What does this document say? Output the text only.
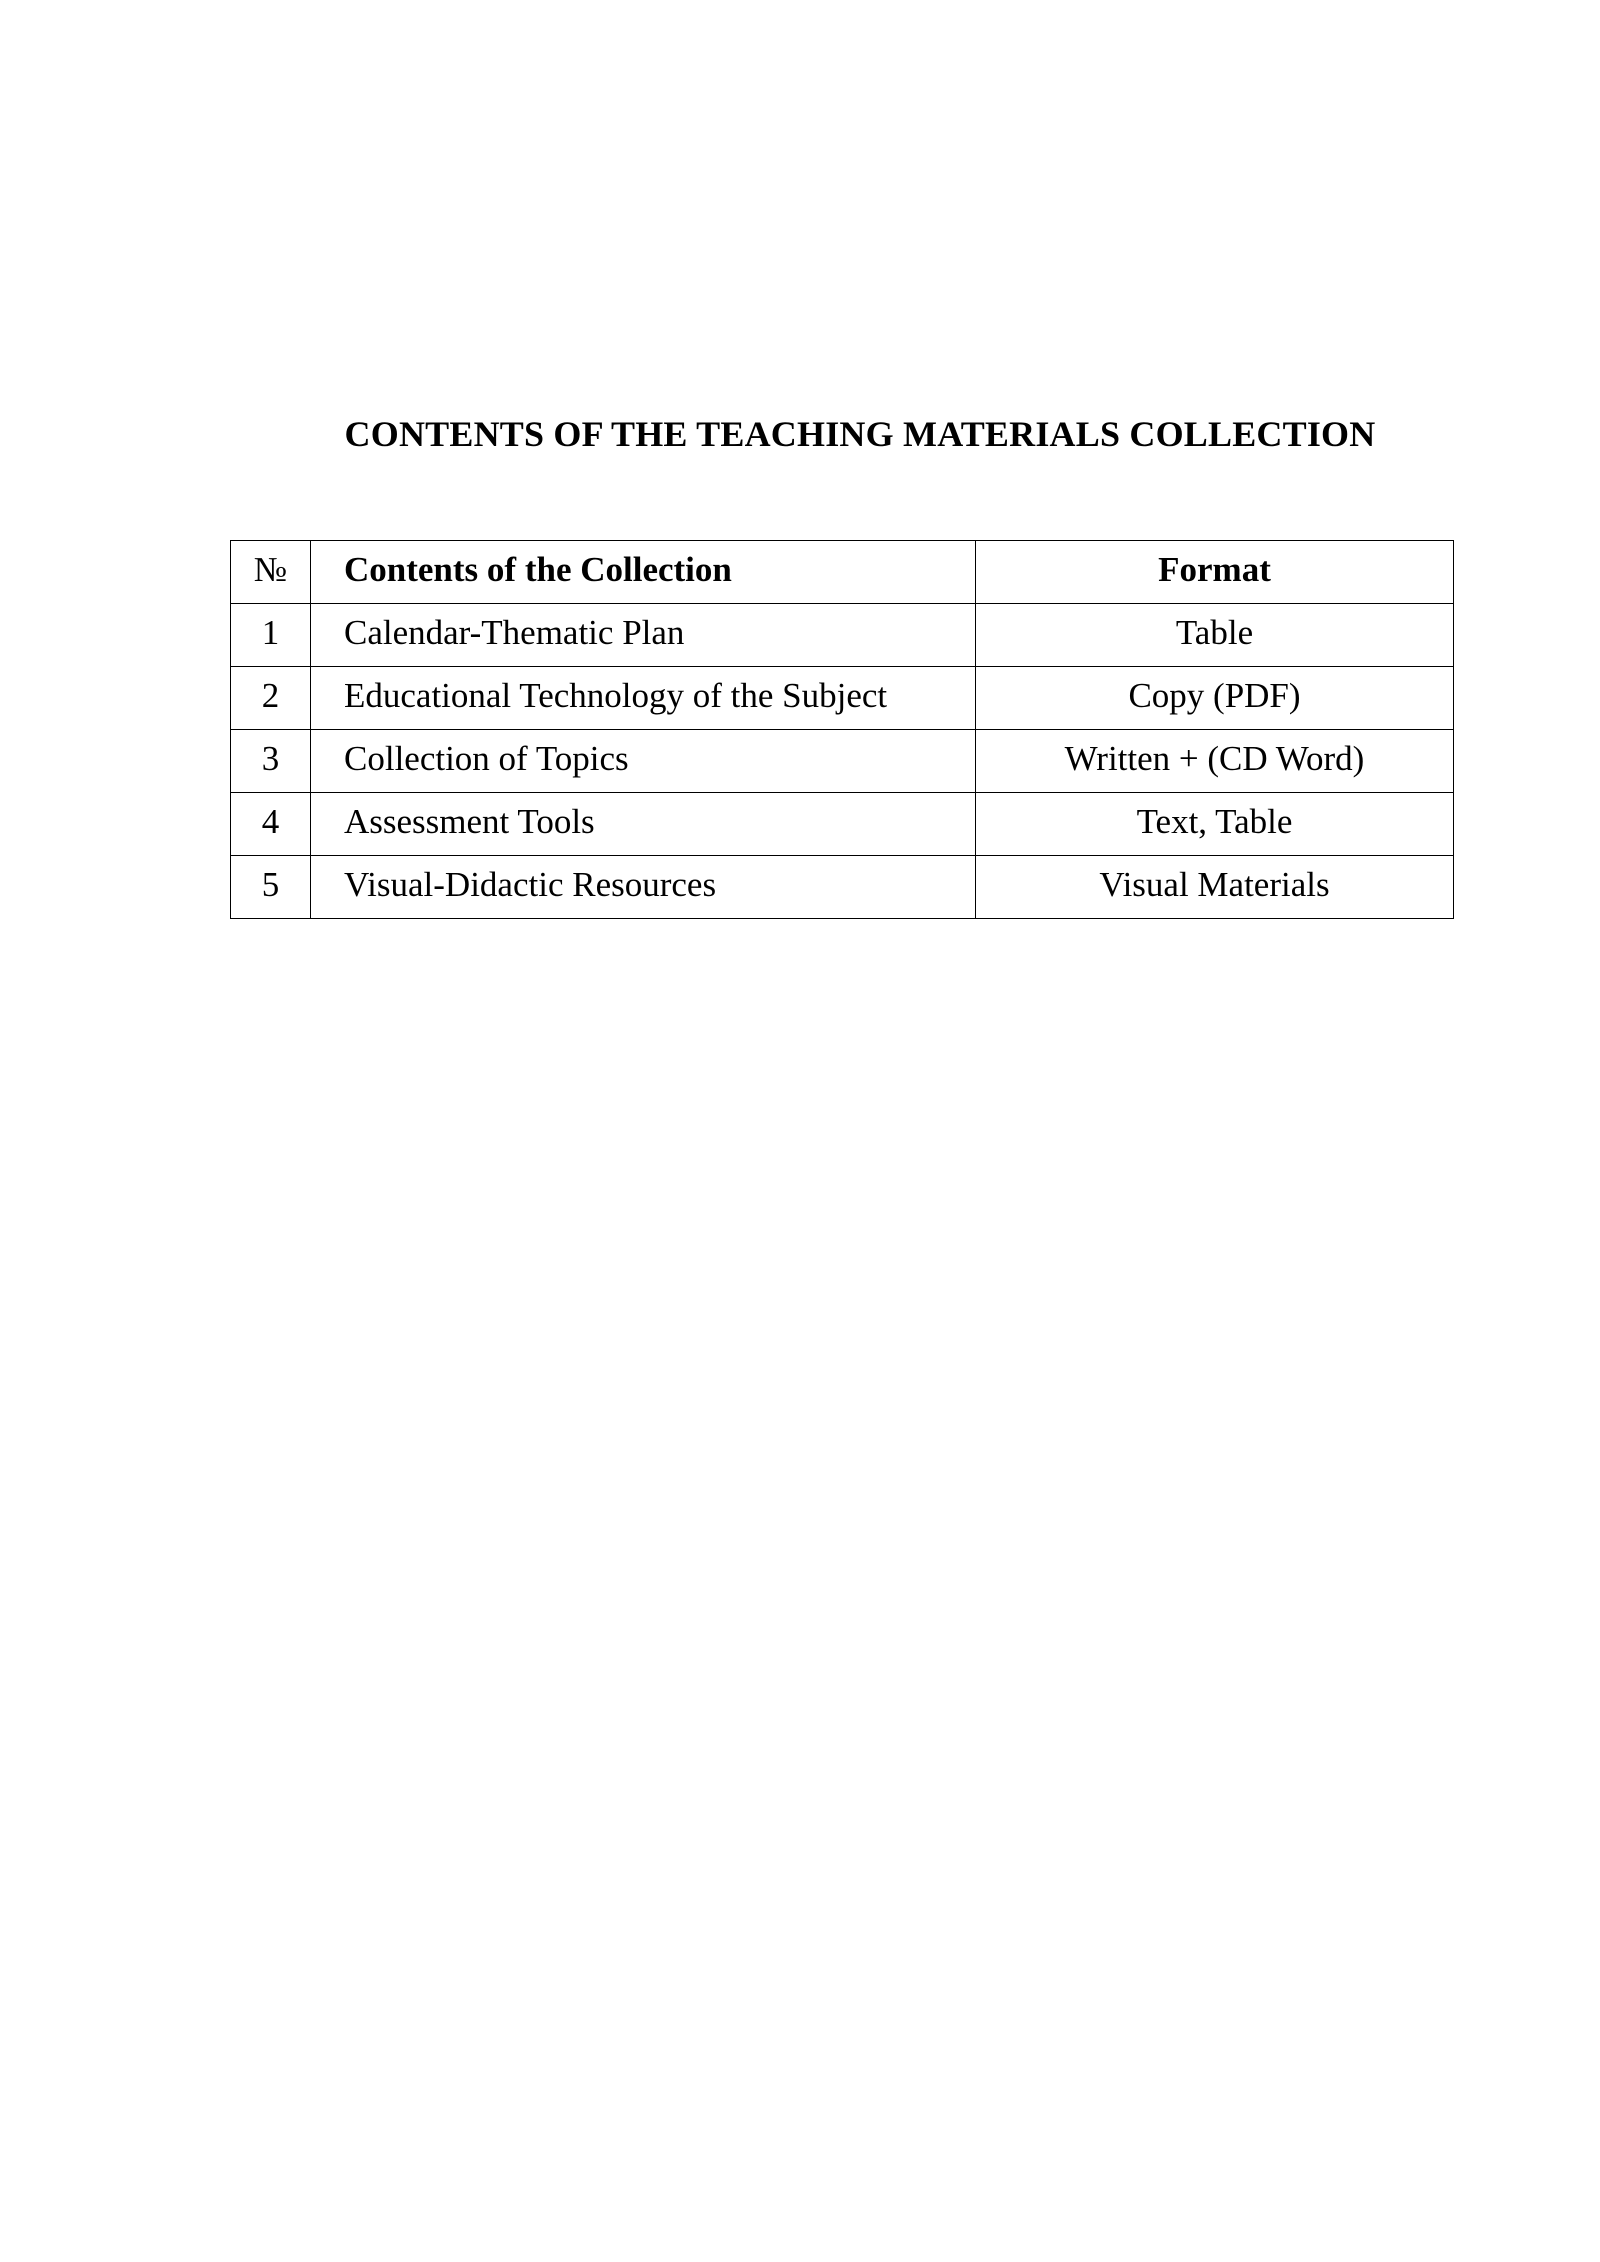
CONTENTS OF THE TEACHING MATERIALS COLLECTION
№	Contents of the Collection	Format
1	Calendar-Thematic Plan	Table
2	Educational Technology of the Subject	Copy (PDF)
3	Collection of Topics	Written + (CD Word)
4	Assessment Tools	Text, Table
5	Visual-Didactic Resources	Visual Materials
